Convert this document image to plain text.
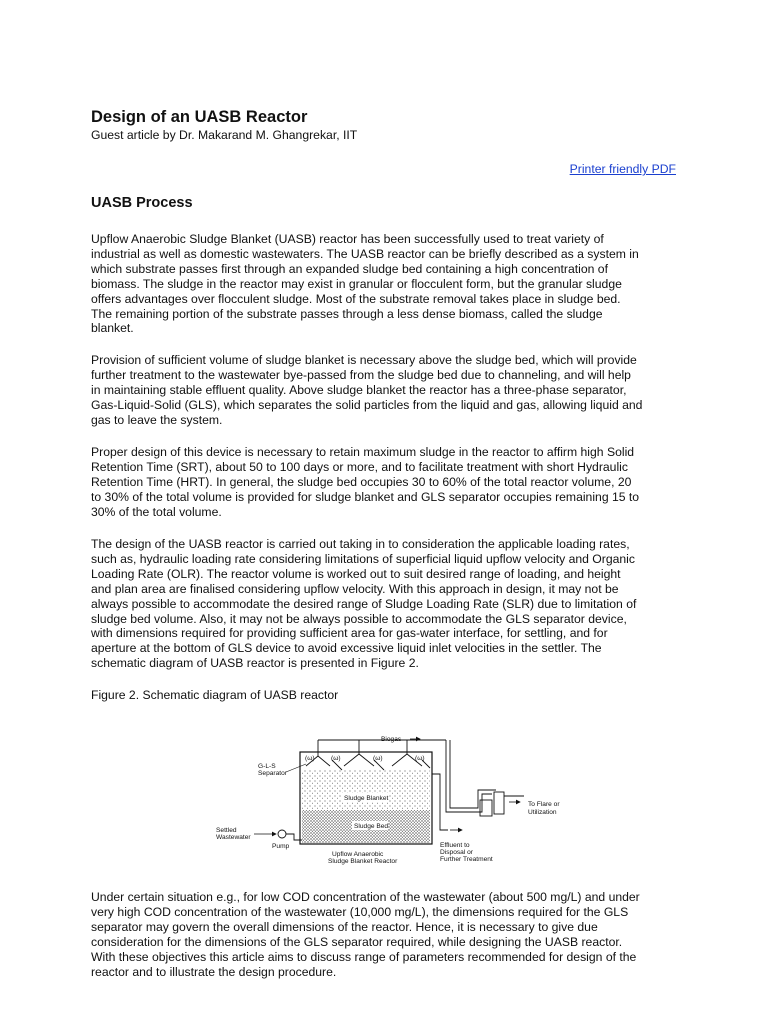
Design of an UASB Reactor

Guest article by Dr. Makarand M. Ghangrekar, IIT

Printer friendly PDF
UASB Process

Upflow Anaerobic Sludge Blanket (UASB) reactor has been successfully used to treat variety of
industrial as well as domestic wastewaters. The UASB reactor can be briefly described as a system in
which substrate passes first through an expanded sludge bed containing a high concentration of
biomass. The sludge in the reactor may exist in granular or flocculent form, but the granular sludge
offers advantages over flocculent sludge. Most of the substrate removal takes place in sludge bed.
The remaining portion of the substrate passes through a less dense biomass, called the sludge
blanket.

Provision of sufficient volume of sludge blanket is necessary above the sludge bed, which will provide
further treatment to the wastewater bye-passed from the sludge bed due to channeling, and will help
in maintaining stable effluent quality. Above sludge blanket the reactor has a three-phase separator,
Gas-Liquid-Solid (GLS), which separates the solid particles from the liquid and gas, allowing liquid and
gas to leave the system.

Proper design of this device is necessary to retain maximum sludge in the reactor to affirm high Solid
Retention Time (SRT), about 50 to 100 days or more, and to facilitate treatment with short Hydraulic
Retention Time (HRT). In general, the sludge bed occupies 30 to 60% of the total reactor volume, 20
to 30% of the total volume is provided for sludge blanket and GLS separator occupies remaining 15 to
30% of the total volume.

The design of the UASB reactor is carried out taking in to consideration the applicable loading rates,
such as, hydraulic loading rate considering limitations of superficial liquid upflow velocity and Organic
Loading Rate (OLR). The reactor volume is worked out to suit desired range of loading, and height
and plan area are finalised considering upflow velocity. With this approach in design, it may not be
always possible to accommodate the desired range of Sludge Loading Rate (SLR) due to limitation of
sludge bed volume. Also, it may not be always possible to accommodate the GLS separator device,
with dimensions required for providing sufficient area for gas-water interface, for settling, and for
aperture at the bottom of GLS device to avoid excessive liquid inlet velocities in the settler. The
schematic diagram of UASB reactor is presented in Figure 2.

Figure 2. Schematic diagram of UASB reactor

(ω) (ω)	(ω)	(ω)
Biogas
To Flare or
Utilization
Effluent to
Disposal or
Further Treatment
G-L-S
Separator
Sludge Blanket
Sludge Bed
Settled
Wastewater
Pump
Upflow Anaerobic
Sludge Blanket Reactor

Under certain situation e.g., for low COD concentration of the wastewater (about 500 mg/L) and under
very high COD concentration of the wastewater (10,000 mg/L), the dimensions required for the GLS
separator may govern the overall dimensions of the reactor. Hence, it is necessary to give due
consideration for the dimensions of the GLS separator required, while designing the UASB reactor.
With these objectives this article aims to discuss range of parameters recommended for design of the
reactor and to illustrate the design procedure.
